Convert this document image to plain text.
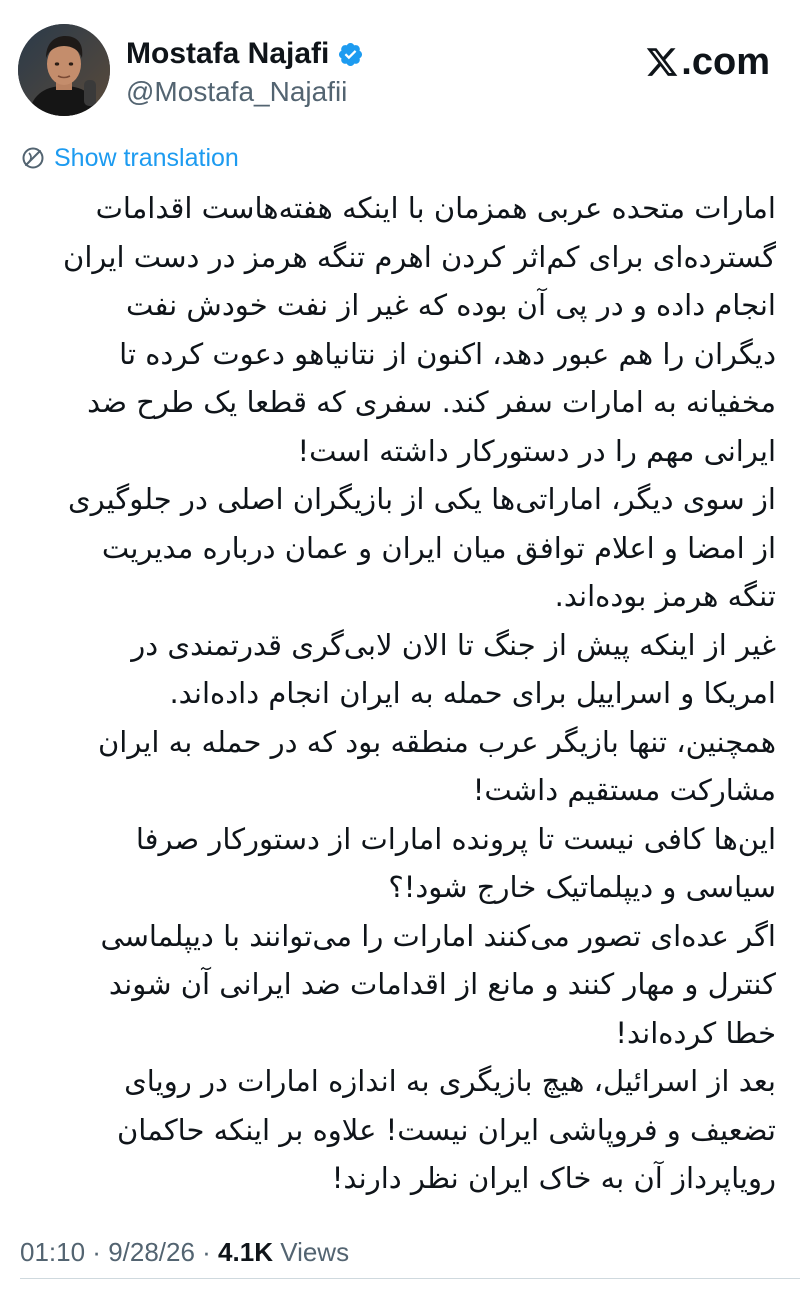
Mostafa Najafi
@Mostafa_Najafii
.com
Show translation
امارات متحده عربی همزمان با اینکه هفته‌هاست اقدامات
گسترده‌ای برای کم‌اثر کردن اهرم تنگه هرمز در دست ایران
انجام داده و در پی آن بوده که غیر از نفت خودش نفت
دیگران را هم عبور دهد، اکنون از نتانیاهو دعوت کرده تا
مخفیانه به امارات سفر کند. سفری که قطعا یک طرح ضد
ایرانی مهم را در دستورکار داشته است!
از سوی دیگر، اماراتی‌ها یکی از بازیگران اصلی در جلوگیری
از امضا و اعلام توافق میان ایران و عمان درباره مدیریت
تنگه هرمز بوده‌اند.
غیر از اینکه پیش از جنگ تا الان لابی‌گری قدرتمندی در
امریکا و اسراییل برای حمله به ایران انجام داده‌اند.
همچنین، تنها بازیگر عرب منطقه بود که در حمله به ایران
مشارکت مستقیم داشت!
این‌ها کافی نیست تا پرونده امارات از دستورکار صرفا
سیاسی و دیپلماتیک خارج شود!؟
اگر عده‌ای تصور می‌کنند امارات را می‌توانند با دیپلماسی
کنترل و مهار کنند و مانع از اقدامات ضد ایرانی آن شوند
خطا کرده‌اند!
بعد از اسرائیل، هیچ بازیگری به اندازه امارات در رویای
تضعیف و فروپاشی ایران نیست! علاوه بر اینکه حاکمان
رویاپرداز آن به خاک ایران نظر دارند!
01:10 · 9/28/26 · 4.1K Views
